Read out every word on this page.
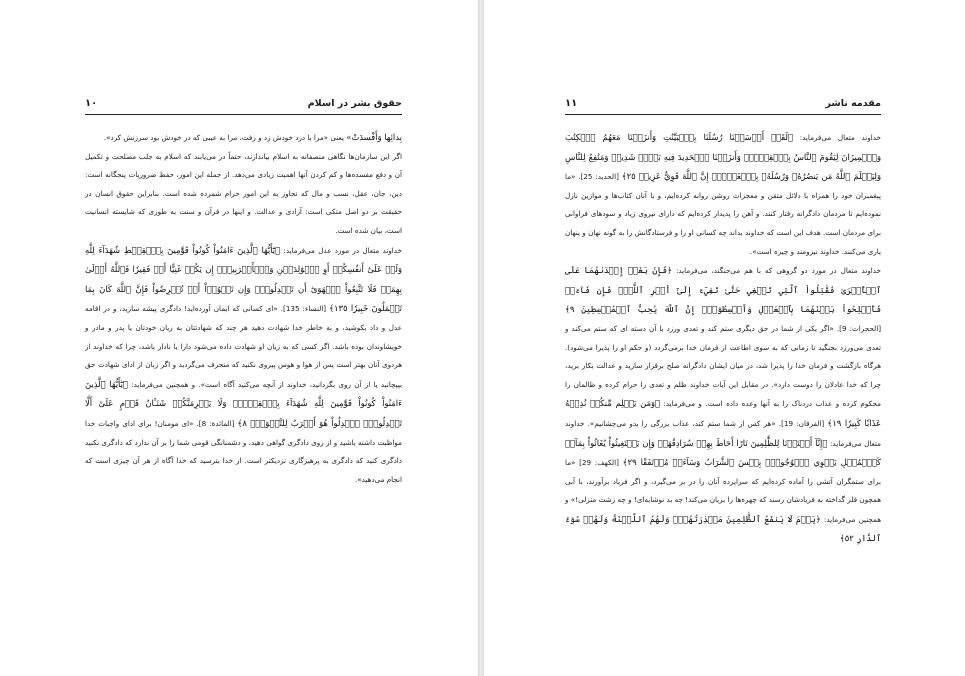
حقوق بشر در اسلام
۱۰

بِدائِها وَأَفْسدَتْ» یعنی «مرا با درد خودش زد و رفت، مرا به عیبی که در خودش بود سرزنش کرد».

اگر این سازمان‌ها نگاهی منصفانه به اسلام بیاندازند، حتماً در می‌یابند که اسلام به جلب مصلحت و تکمیل آن و دفع مفسده‌ها و کم کردن آنها اهمیت زیادی می‌دهد. از جمله این امور، حفظ ضروریات پنجگانه است: دین، جان، عقل، نسب و مال که تجاوز به این امور حرام شمرده شده است. بنابراین حقوق انسان در حقیقت بر دو اصل متکی است: آزادی و عدالت. و اینها در قرآن و سنت به طوری که شایسته انسانیت است، بیان شده است.

خداوند متعال در مورد عدل می‌فرماید: ﴿يَٰٓأَيُّهَا ٱلَّذِينَ ءَامَنُواْ كُونُواْ قَوَّٰمِينَ بِٱلۡقِسۡطِ شُهَدَآءَ لِلَّهِ وَلَوۡ عَلَىٰٓ أَنفُسِكُمۡ أَوِ ٱلۡوَٰلِدَيۡنِ وَٱلۡأَقۡرَبِينَۚ إِن يَكُنۡ غَنِيًّا أَوۡ فَقِيرٗا فَٱللَّهُ أَوۡلَىٰ بِهِمَاۖ فَلَا تَتَّبِعُواْ ٱلۡهَوَىٰٓ أَن تَعۡدِلُواْۚ وَإِن تَلۡوُۥٓاْ أَوۡ تُعۡرِضُواْ فَإِنَّ ٱللَّهَ كَانَ بِمَا تَعۡمَلُونَ خَبِيرٗا ١٣٥﴾ [النساء: 135]. «ای کسانی که ایمان آورده‌اید! دادگری پیشه سازید، و در اقامه عدل و داد بکوشید، و به خاطر خدا شهادت دهید هر چند که شهادتتان به زیان خودتان یا پدر و مادر و خویشاوندان بوده باشد. اگر کسی که به زیان او شهادت داده می‌شود دارا یا نادار باشد، چرا که خداوند از هردوی آنان بهتر است پس از هوا و هوس پیروی نکنید که منحرف می‌گردید و اگر زبان از ادای شهادت حق بپیچانید یا از آن روی بگردانید، خداوند از آنچه می‌کنید آگاه است». و همچنین می‌فرماید: ﴿يَٰٓأَيُّهَا ٱلَّذِينَ ءَامَنُواْ كُونُواْ قَوَّٰمِينَ لِلَّهِ شُهَدَآءَ بِٱلۡقِسۡطِۖ وَلَا يَجۡرِمَنَّكُمۡ شَنَـَٔانُ قَوۡمٍ عَلَىٰٓ أَلَّا تَعۡدِلُواْۚ ٱعۡدِلُواْ هُوَ أَقۡرَبُ لِلتَّقۡوَىٰۖ ٨﴾ [المائدة: 8]. «ای مومنان! برای ادای واجبات خدا مواظبت داشته باشید و از روی دادگری گواهی دهید، و دشمنانگی قومی شما را بر آن ندارد که دادگری نکنید دادگری کنید که دادگری به پرهیزگاری نزدیکتر است. از خدا بترسید که خدا آگاه از هر آن چیزی است که انجام می‌دهید».

مقدمه ناشر
۱۱

خداوند متعال می‌فرماید: ﴿لَقَدۡ أَرۡسَلۡنَا رُسُلَنَا بِٱلۡبَيِّنَٰتِ وَأَنزَلۡنَا مَعَهُمُ ٱلۡكِتَٰبَ وَٱلۡمِيزَانَ لِيَقُومَ ٱلنَّاسُ بِٱلۡقِسۡطِۖ وَأَنزَلۡنَا ٱلۡحَدِيدَ فِيهِ بَأۡسٞ شَدِيدٞ وَمَنَٰفِعُ لِلنَّاسِ وَلِيَعۡلَمَ ٱللَّهُ مَن يَنصُرُهُۥ وَرُسُلَهُۥ بِٱلۡغَيۡبِۚ إِنَّ ٱللَّهَ قَوِيٌّ عَزِيزٞ ٢٥﴾ [الحدید: 25]. «ما پیغمبران خود را همراه با دلائل متقن و معجزات روشن روانه کرده‌ایم، و با آنان کتاب‌ها و موازین نازل نموده‌ایم تا مردمان دادگرانه رفتار کنند. و آهن را پدیدار کرده‌ایم که دارای نیروی زیاد و سودهای فراوانی برای مردمان است. هدف این است که خداوند بداند چه کسانی او را و فرستادگانش را به گونه نهان و پنهان یاری می‌کنند. خداوند نیرومند و چیره است».

خداوند متعال در مورد دو گروهی که با هم می‌جنگند، می‌فرماید: ﴿فَإِنۢ بَغَتۡ إِحۡدَىٰهُمَا عَلَى ٱلۡأُخۡرَىٰ فَقَٰتِلُواْ ٱلَّتِي تَبۡغِي حَتَّىٰ تَفِيٓءَ إِلَىٰٓ أَمۡرِ ٱللَّهِۚ فَإِن فَآءَتۡ فَأَصۡلِحُواْ بَيۡنَهُمَا بِٱلۡعَدۡلِ وَأَقۡسِطُوٓاْۖ إِنَّ ٱللَّهَ يُحِبُّ ٱلۡمُقۡسِطِينَ ٩﴾ [الحجرات: 9]. «اگر یکی از شما در حق دیگری ستم کند و تعدی ورزد با آن دسته ای که ستم می‌کند و تعدی می‌ورزد بجنگید تا زمانی که به سوی اطاعت از فرمان خدا برمی‌گردد (و حکم او را پذیرا می‌شود). هرگاه بازگشت و فرمان خدا را پذیرا شد، در میان ایشان دادگرانه صلح برقرار سازید و عدالت بکار برید، چرا که خدا عادلان را دوست دارد». در مقابل این آیات خداوند ظلم و تعدی را حرام کرده و ظالمان را محکوم کرده و عذاب دردناک را به آنها وعده داده است. و می‌فرماید: ﴿وَمَن يَظۡلِم مِّنكُمۡ نُذِقۡهُ عَذَابٗا كَبِيرٗا ١٩﴾ [الفرقان: 19]. «هر کس از شما ستم کند، عذاب بزرگی را بدو می‌چشانیم». خداوند متعال می‌فرماید: ﴿إِنَّآ أَعۡتَدۡنَا لِلظَّٰلِمِينَ نَارًا أَحَاطَ بِهِمۡ سُرَادِقُهَاۚ وَإِن يَسۡتَغِيثُواْ يُغَاثُواْ بِمَآءٖ كَٱلۡمُهۡلِ يَشۡوِي ٱلۡوُجُوهَۚ بِئۡسَ ٱلشَّرَابُ وَسَآءَتۡ مُرۡتَفَقًا ٢٩﴾ [الكهف: 29] «ما برای ستمگران آتشی را آماده کرده‌ایم که سراپرده آنان را در بر می‌گیرد، و اگر فریاد برآورند، با آبی همچون فلز گداخته به فریادشان رسند که چهره‌ها را بریان می‌کند! چه بد نوشابه‌ای! و چه زشت منزلی!» و همچنین می‌فرماید: ﴿يَوۡمَ لَا يَنفَعُ ٱلظَّٰلِمِينَ مَعۡذِرَتُهُمۡۖ وَلَهُمُ ٱللَّعۡنَةُ وَلَهُمۡ سُوٓءُ ٱلدَّارِ ٥٢﴾
